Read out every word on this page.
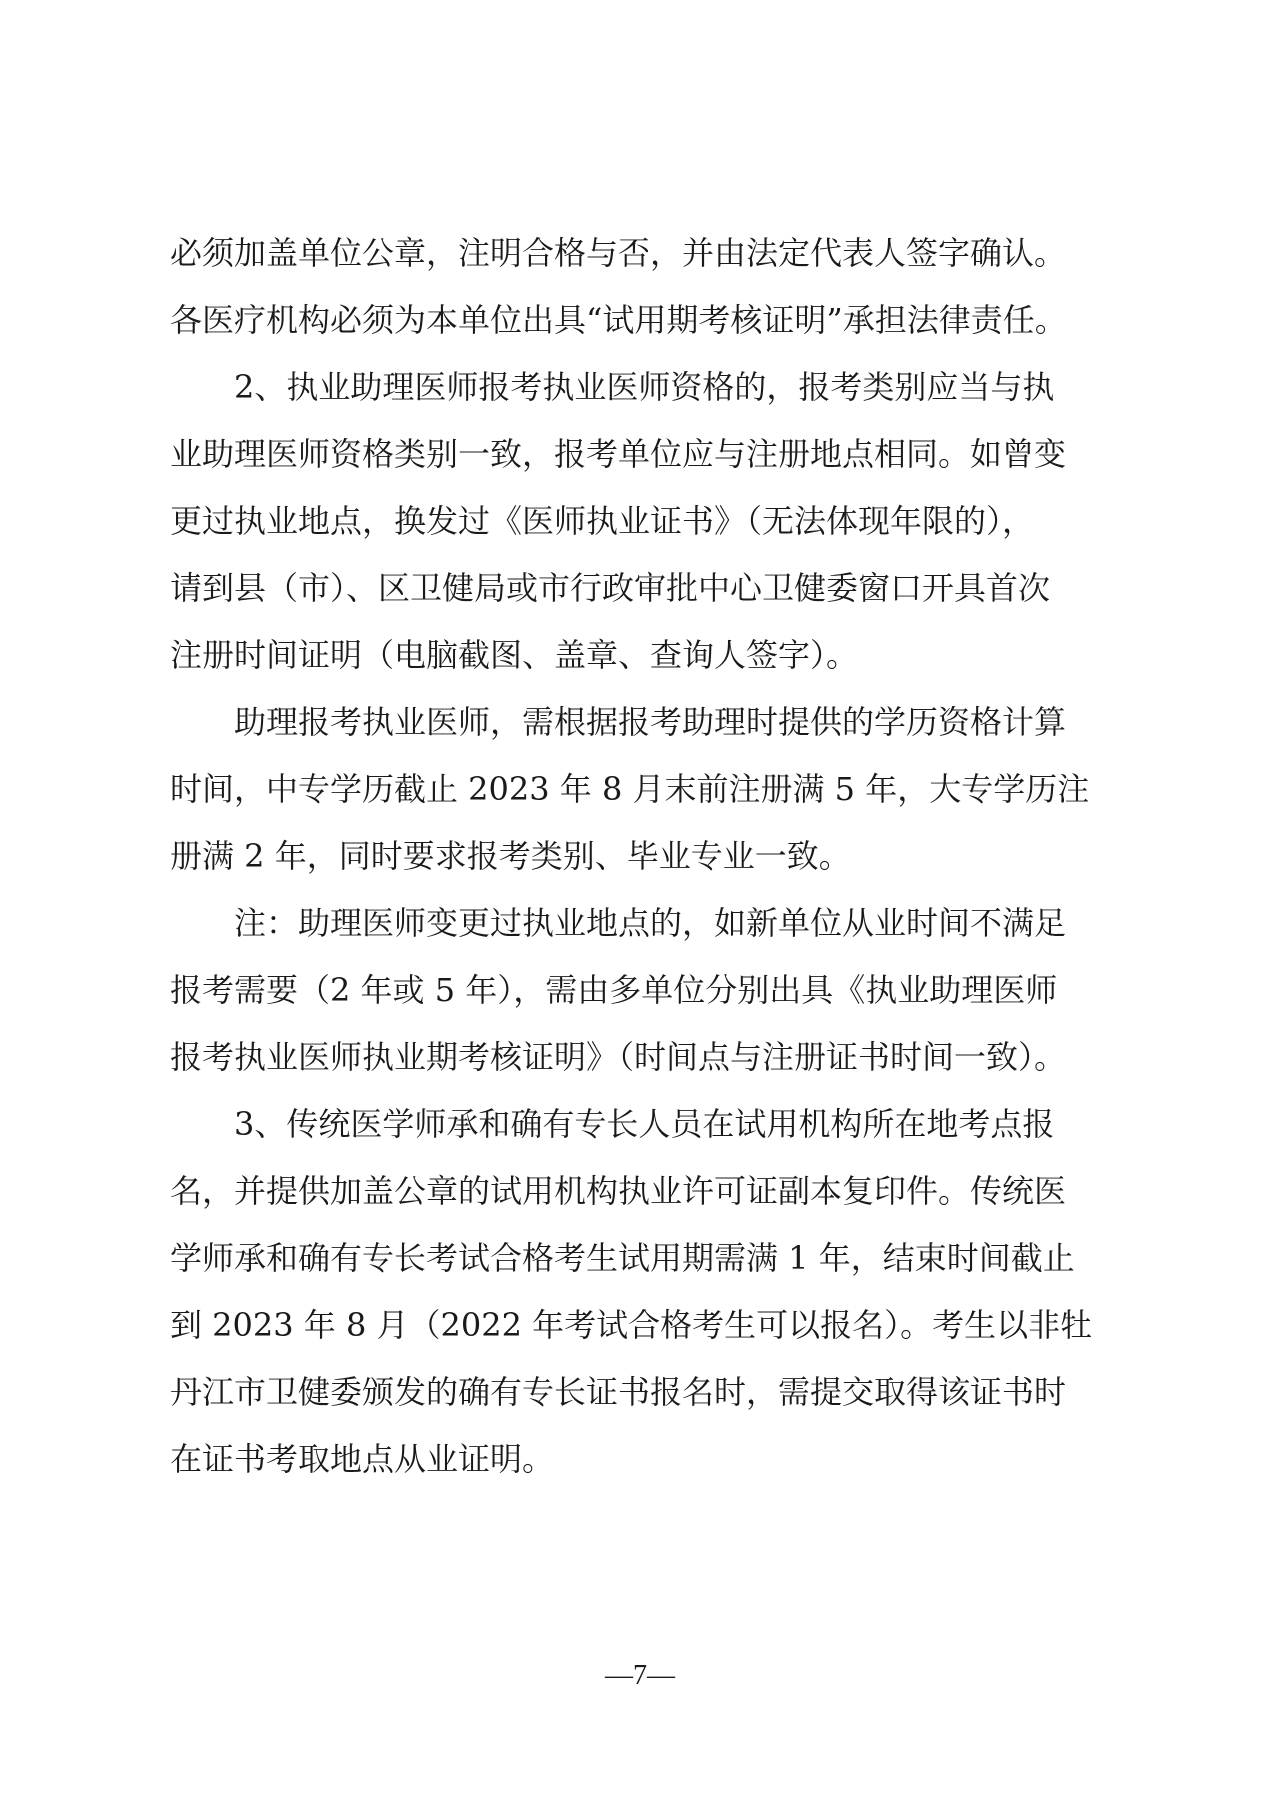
必须加盖单位公章，注明合格与否，并由法定代表人签字确认。
各医疗机构必须为本单位出具“试用期考核证明”承担法律责任。
　　2、执业助理医师报考执业医师资格的，报考类别应当与执
业助理医师资格类别一致，报考单位应与注册地点相同。如曾变
更过执业地点，换发过《医师执业证书》（无法体现年限的），
请到县（市）、区卫健局或市行政审批中心卫健委窗口开具首次
注册时间证明（电脑截图、盖章、查询人签字）。
　　助理报考执业医师，需根据报考助理时提供的学历资格计算
时间，中专学历截止 2023 年 8 月末前注册满 5 年，大专学历注
册满 2 年，同时要求报考类别、毕业专业一致。
　　注：助理医师变更过执业地点的，如新单位从业时间不满足
报考需要（2 年或 5 年），需由多单位分别出具《执业助理医师
报考执业医师执业期考核证明》（时间点与注册证书时间一致）。
　　3、传统医学师承和确有专长人员在试用机构所在地考点报
名，并提供加盖公章的试用机构执业许可证副本复印件。传统医
学师承和确有专长考试合格考生试用期需满 1 年，结束时间截止
到 2023 年 8 月（2022 年考试合格考生可以报名）。考生以非牡
丹江市卫健委颁发的确有专长证书报名时，需提交取得该证书时
在证书考取地点从业证明。
—7—
